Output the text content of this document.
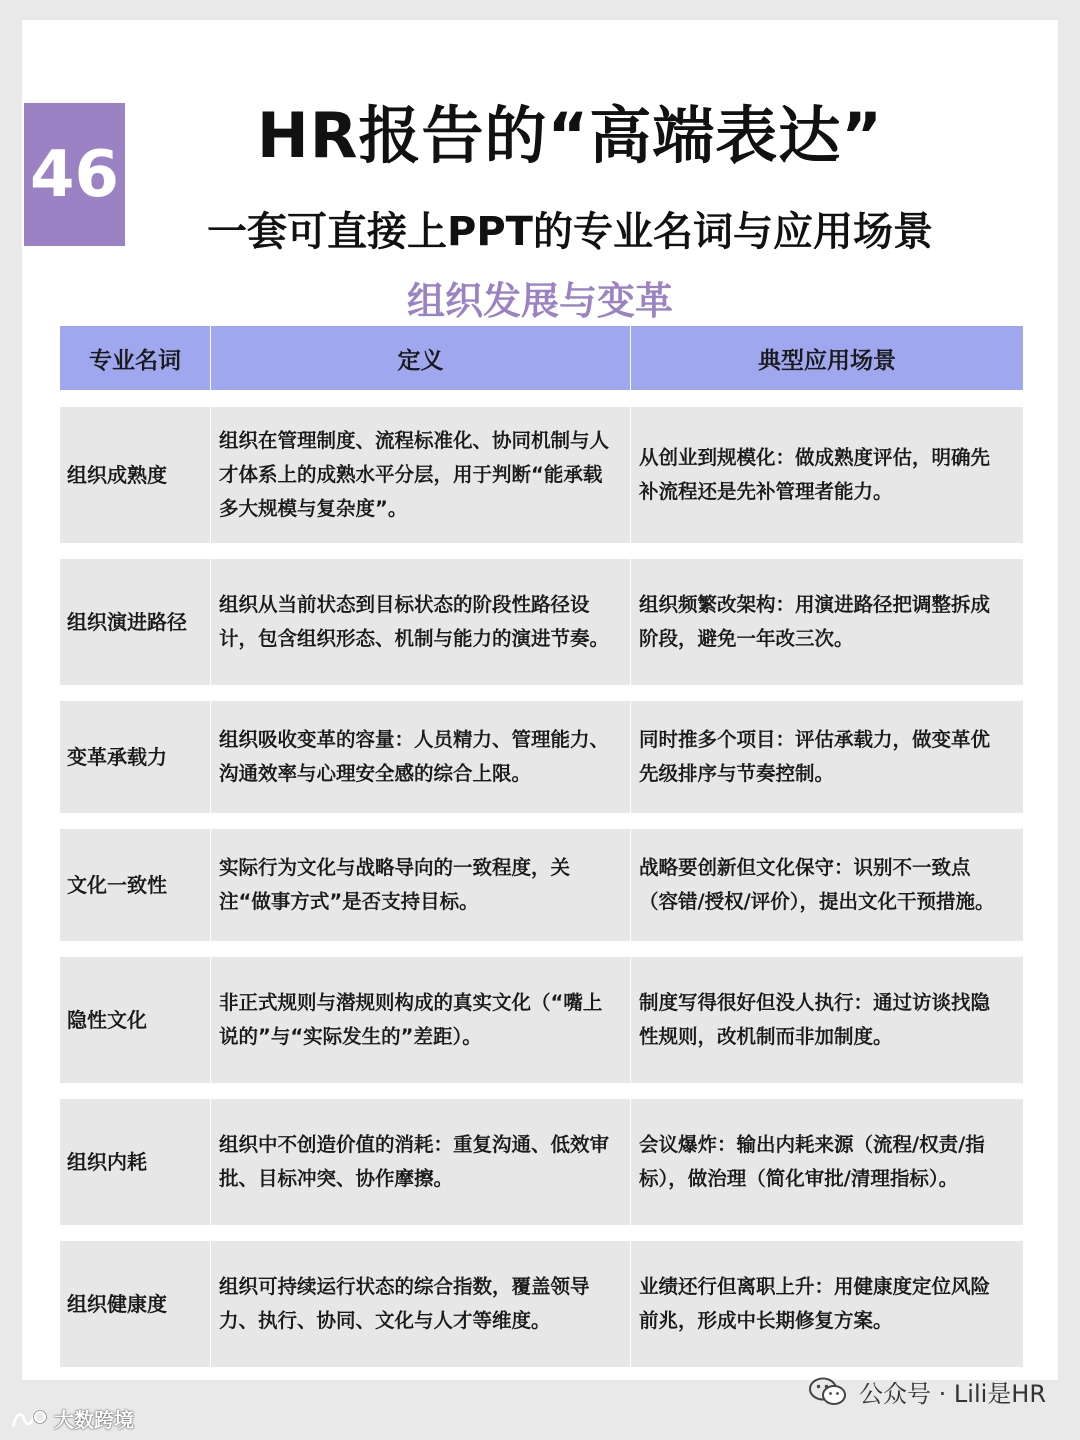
46
HR报告的“高端表达”
一套可直接上PPT的专业名词与应用场景
组织发展与变革
专业名词	定义	典型应用场景
组织成熟度
组织在管理制度、流程标准化、协同机制与人才体系上的成熟水平分层，用于判断“能承载多大规模与复杂度”。
从创业到规模化：做成熟度评估，明确先补流程还是先补管理者能力。
组织演进路径
组织从当前状态到目标状态的阶段性路径设计，包含组织形态、机制与能力的演进节奏。
组织频繁改架构：用演进路径把调整拆成阶段，避免一年改三次。
变革承载力
组织吸收变革的容量：人员精力、管理能力、沟通效率与心理安全感的综合上限。
同时推多个项目：评估承载力，做变革优先级排序与节奏控制。
文化一致性
实际行为文化与战略导向的一致程度，关注“做事方式”是否支持目标。
战略要创新但文化保守：识别不一致点（容错/授权/评价），提出文化干预措施。
隐性文化
非正式规则与潜规则构成的真实文化（“嘴上说的”与“实际发生的”差距）。
制度写得很好但没人执行：通过访谈找隐性规则，改机制而非加制度。
组织内耗
组织中不创造价值的消耗：重复沟通、低效审批、目标冲突、协作摩擦。
会议爆炸：输出内耗来源（流程/权责/指标），做治理（简化审批/清理指标）。
组织健康度
组织可持续运行状态的综合指数，覆盖领导力、执行、协同、文化与人才等维度。
业绩还行但离职上升：用健康度定位风险前兆，形成中长期修复方案。
公众号 · Lili是HR
大数跨境
